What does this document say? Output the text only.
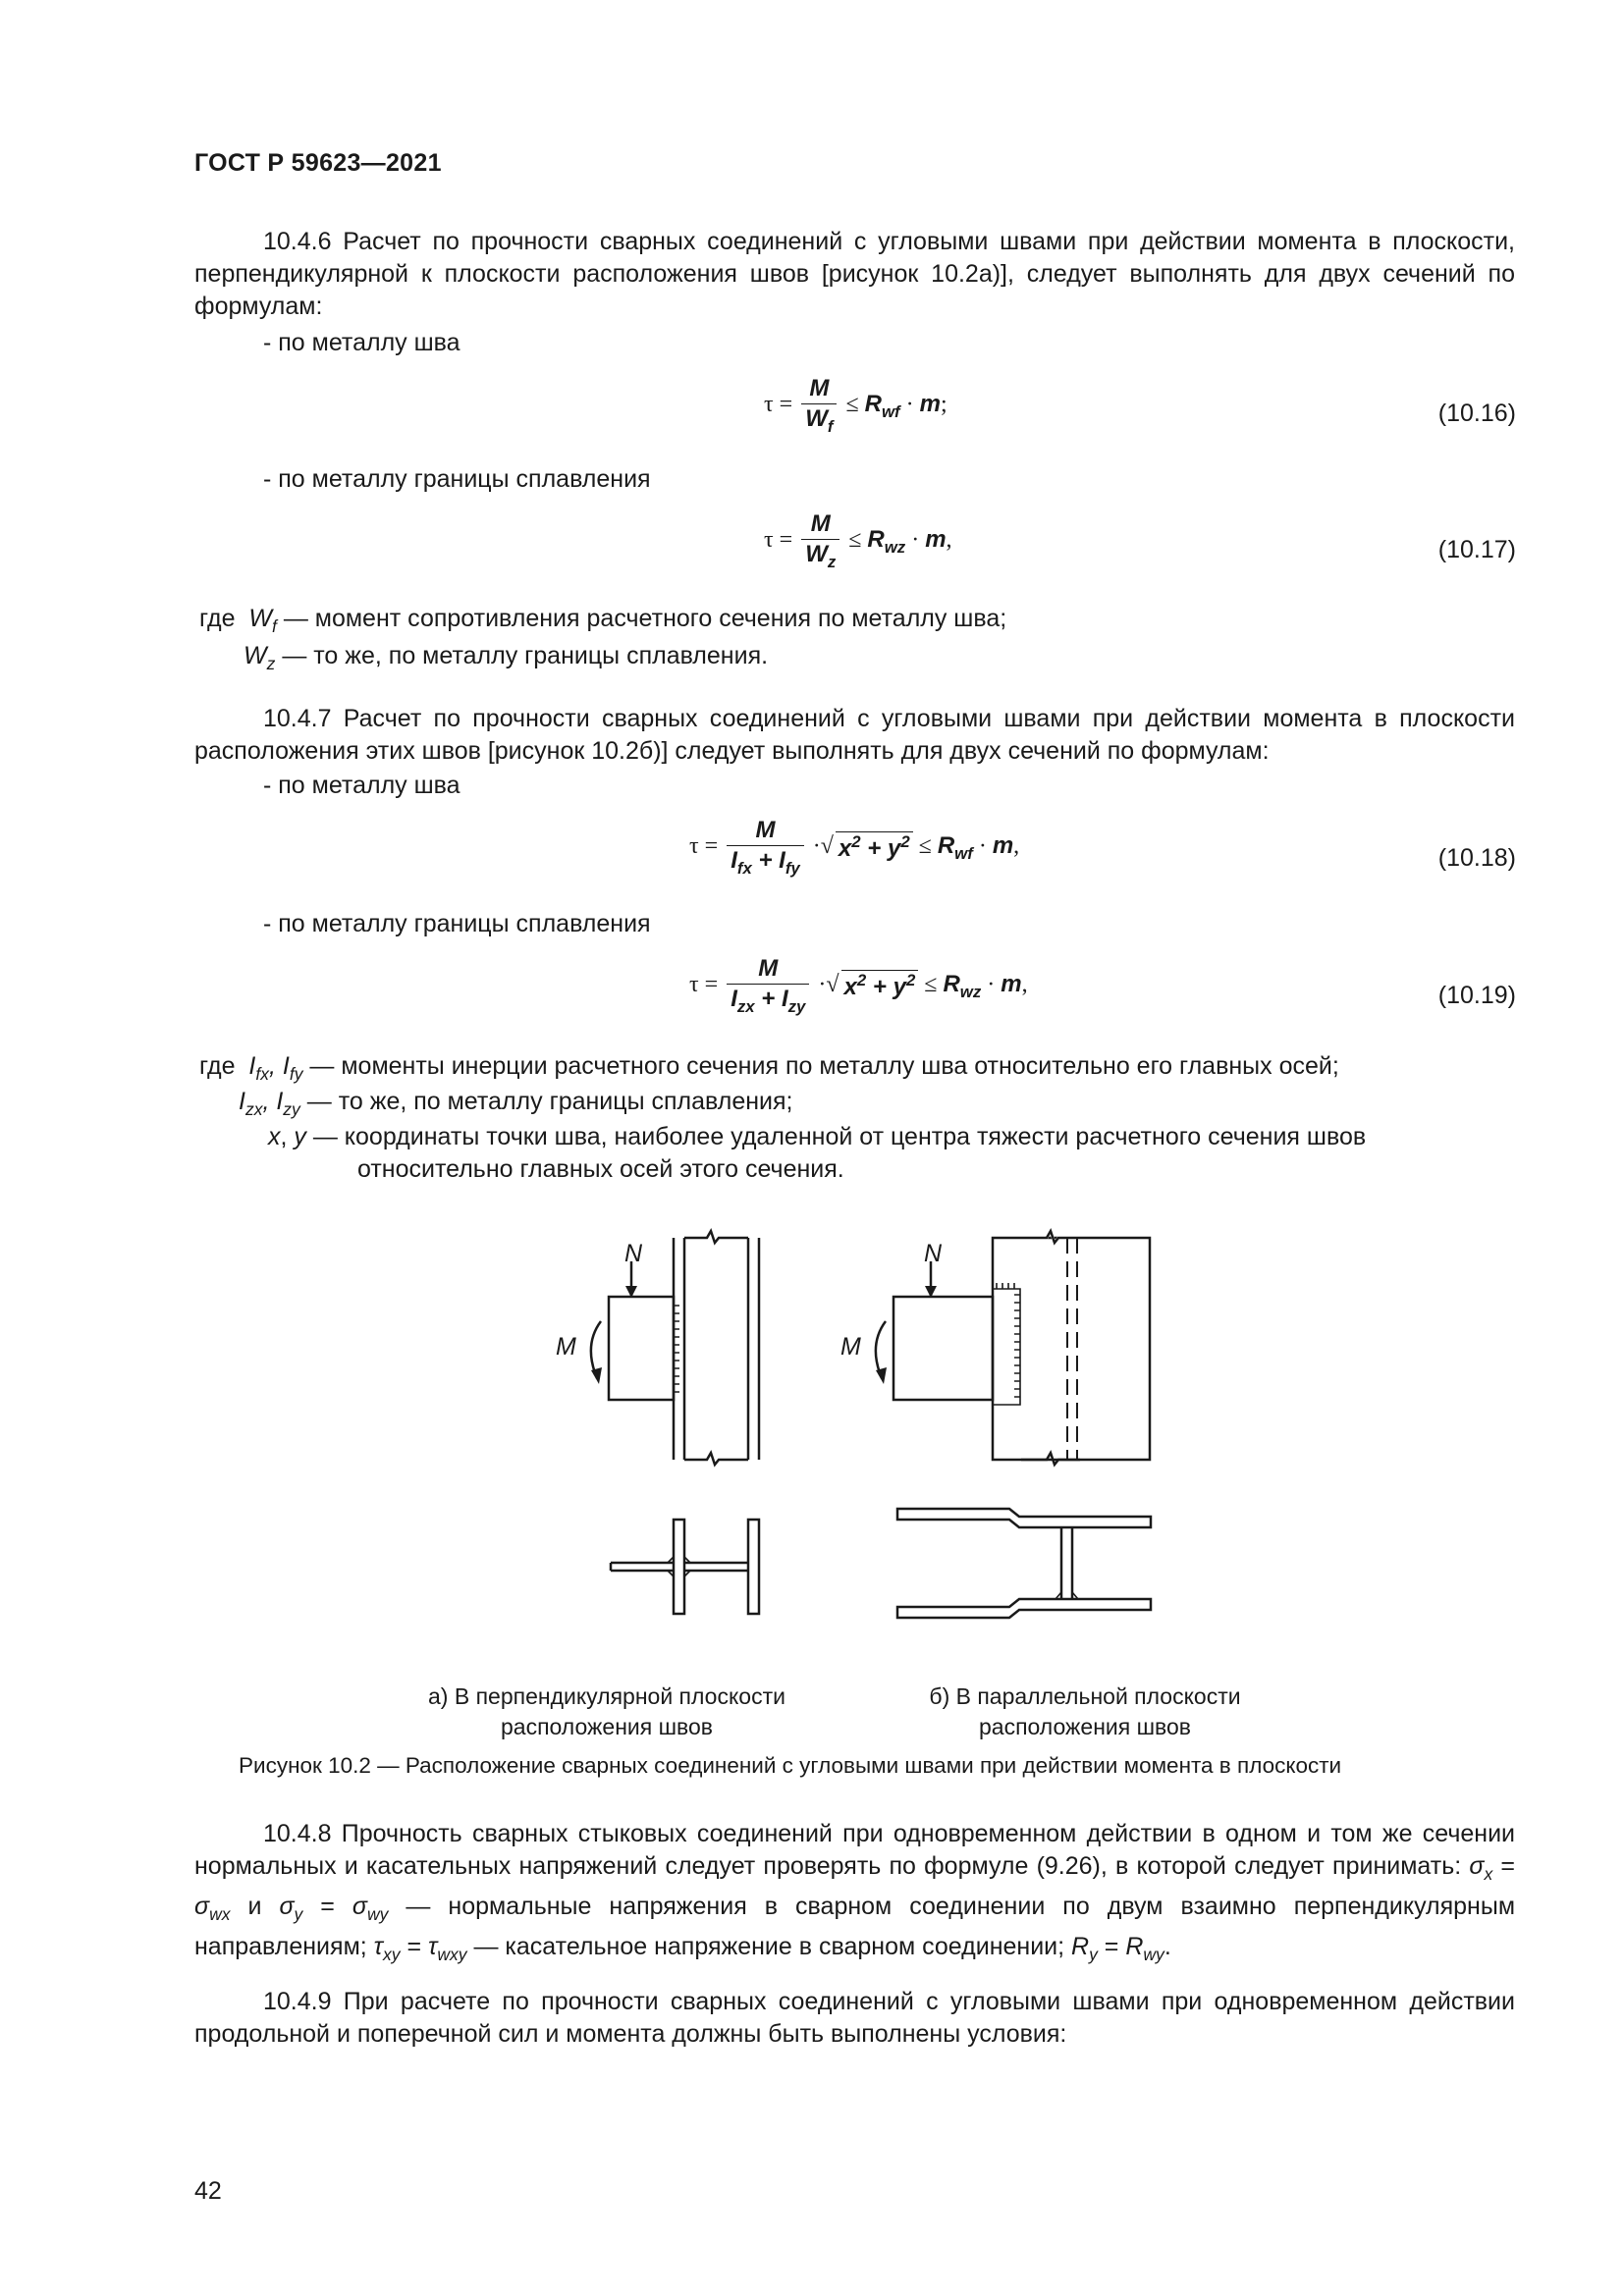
ГОСТ Р 59623—2021
10.4.6 Расчет по прочности сварных соединений с угловыми швами при действии момента в плоскости, перпендикулярной к плоскости расположения швов [рисунок 10.2а)], следует выполнять для двух сечений по формулам:
- по металлу шва
$\tau = \frac{M}{W_f} \le R_{wf} \cdot m$;	(10.16)
- по металлу границы сплавления
$\tau = \frac{M}{W_z} \le R_{wz} \cdot m$,	(10.17)
где  $W_f$ — момент сопротивления расчетного сечения по металлу шва;
$W_z$ — то же, по металлу границы сплавления.
10.4.7 Расчет по прочности сварных соединений с угловыми швами при действии момента в плоскости расположения этих швов [рисунок 10.2б)] следует выполнять для двух сечений по формулам:
- по металлу шва
$\tau = \frac{M}{I_{fx} + I_{fy}}$ ·√ $x^2 + y^2 \le R_{wf} \cdot m$,	(10.18)
- по металлу границы сплавления
$\tau = \frac{M}{I_{zx} + I_{zy}}$ ·√ $x^2 + y^2 \le R_{wz} \cdot m$,	(10.19)
где  $I_{fx}$, $I_{fy}$ — моменты инерции расчетного сечения по металлу шва относительно его главных осей;
$I_{zx}$, $I_{zy}$ — то же, по металлу границы сплавления;
x, y — координаты точки шва, наиболее удаленной от центра тяжести расчетного сечения швов
относительно главных осей этого сечения.
N
M
N
M
а) В перпендикулярной плоскости
расположения швов
б) В параллельной плоскости
расположения швов
Рисунок 10.2 — Расположение сварных соединений с угловыми швами при действии момента в плоскости
10.4.8 Прочность сварных стыковых соединений при одновременном действии в одном и том же сечении нормальных и касательных напряжений следует проверять по формуле (9.26), в которой следует принимать: $\sigma_x = \sigma_{wx}$ и $\sigma_y = \sigma_{wy}$ — нормальные напряжения в сварном соединении по двум взаимно перпендикулярным направлениям; $\tau_{xy} = \tau_{wxy}$ — касательное напряжение в сварном соединении; $R_y = R_{wy}$.
10.4.9 При расчете по прочности сварных соединений с угловыми швами при одновременном действии продольной и поперечной сил и момента должны быть выполнены условия:
42
